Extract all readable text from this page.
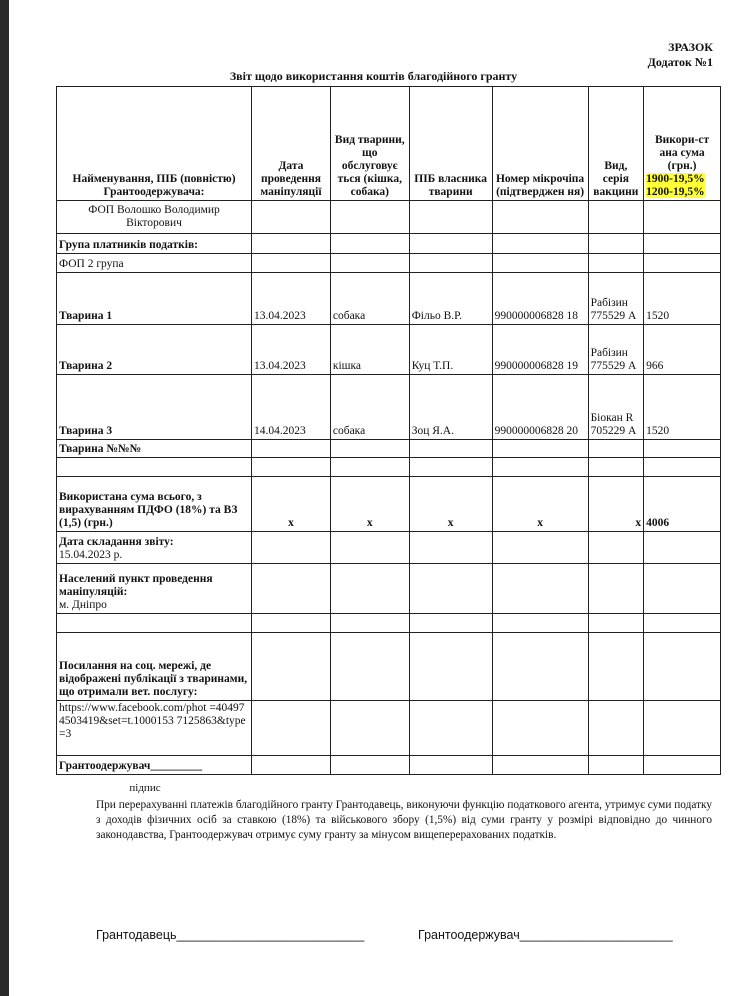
ЗРАЗОК
Додаток №1
Звіт щодо використання коштів благодійного гранту
Найменування, ПІБ (повністю) Грантоодержувача:	Дата проведення маніпуляції	Вид тварини, що обслуговує ться (кішка, собака)	ПІБ власника тварини	Номер мікрочіпа (підтверджен ня)	Вид, серія вакцини	Викори-ст ана сума (грн.)
1900-19,5%
1200-19,5%

ФОП Волошко Володимир Вікторович						
Група платників податків:						
ФОП 2 група						
Тварина 1	13.04.2023	собака	Фільо В.Р.	990000006828 18	Рабізин 775529 А	1520
Тварина 2	13.04.2023	кішка	Куц Т.П.	990000006828 19	Рабізин 775529 А	966
Тварина 3	14.04.2023	собака	Зоц Я.А.	990000006828 20	Біокан R 705229 А	1520
Тварина №№№						

Використана сума всього, з вирахуванням ПДФО (18%) та ВЗ (1,5) (грн.)	х	х	х	х	х	4006

Дата складання звіту:
15.04.2023 р.						

Населений пункт проведення маніпуляцій:
м. Дніпро						

Посилання на соц. мережі, де відображені публікації з тваринами, що отримали вет. послугу:						
https://www.facebook.com/phot =404974503419&set=t.1000153 7125863&type=3						
Грантоодержувач_________						
підпис
При перерахуванні платежів благодійного гранту Грантодавець, виконуючи функцію податкового агента, утримує суми податку з доходів фізичних осіб за ставкою (18%) та військового збору (1,5%) від суми гранту у розмірі відповідно до чинного законодавства, Грантоодержувач отримує суму гранту за мінусом вищеперерахованих податків.
Грантодавець___________________________	Грантоодержувач______________________
